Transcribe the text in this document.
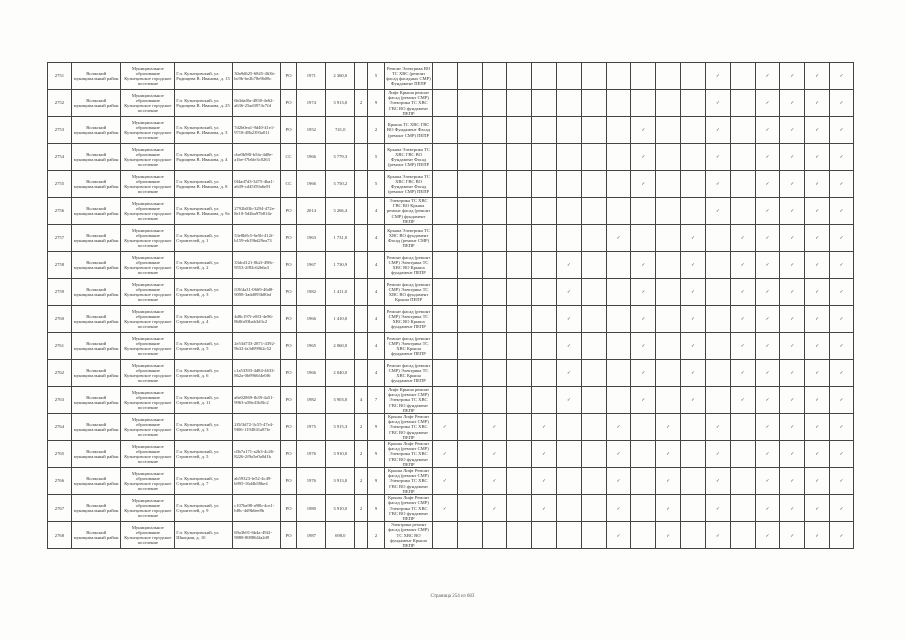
2751	Волжский муниципальный район	Муниципальное образование Кузнецовское городское поселение	Г.п. Кузнецовский, ул. Радищева В. Иванова, д. 15	30a9d625-6845-463b-bc9b-be2b78e9b08c	РО	1971	2 360,0		5	Ремонт Электрика ВО ТС ХВС (ремонт фасад фасадных СМР) Фундамент ПЕПР												✓		✓	✓	✓	✓
2752	Волжский муниципальный район	Муниципальное образование Кузнецовское городское поселение	Г.п. Кузнецовский, ул. Радищева В. Иванова, д. 25	6b3daf0a-4830-4e62-a636-25ad3974c7fd	РО	1974	3 913,0	2	9	Лифт Крыша ремонт фасад (ремонт СМР) Электрика ТС ХВС ГВС ВО фундамент ПЕПР												✓		✓	✓	✓	✓
2753	Волжский муниципальный район	Муниципальное образование Кузнецовское городское поселение	Г.п. Кузнецовский, ул. Радищева В. Иванова, д. 3	7d2b0ea1-9d40-41e1-9718-48b2393a01f	РО	1952	741,0		2	Крыша ТС ХВС ГВС ВО Фундамент Фасад (ремонт СМР) ПЕПР									✓			✓		✓	✓	✓	✓
2754	Волжский муниципальный район	Муниципальное образование Кузнецовское городское поселение	Г.п. Кузнецовский, ул. Радищева В. Иванова, д. 4	cbe0b98f-b5fa-4d8e-a1be-f7b6fe3c0263	СС	1966	3 779,3		5	Крыша Электрика ТС ХВС ГВС ВО Фундамент Фасад (ремонт СМР) ПЕПР									✓			✓		✓	✓	✓	✓
2755	Волжский муниципальный район	Муниципальное образование Кузнецовское городское поселение	Г.п. Кузнецовский, ул. Радищева В. Иванова, д. 8	0f4ad7d3-3475-4ba1-a649-cd45f59a6e91	СС	1966	3 750,2		5	Крыша Электрика ТС ХВС ГВС ВО Фундамент Фасад (ремонт СМР) ПЕПР									✓			✓		✓	✓	✓	✓
2756	Волжский муниципальный район	Муниципальное образование Кузнецовское городское поселение	Г.п. Кузнецовский, ул. Радищева В. Иванова, д. 9а	2792b03b-3294-472e-8e10-5d4ba97b814e	РО	2014	3 266,4		4	Электрика ТС ХВС ГВС ВО Крыша ремонт фасад (ремонт СМР) фундамент ПЕПР												✓		✓	✓	✓	✓
2757	Волжский муниципальный район	Муниципальное образование Кузнецовское городское поселение	Г.п. Кузнецовский, ул. Строителей, д. 1	53e8b8c5-6e5b-412f-b159-eb19bd29ea73	РО	1963	1 731,0		4	Крыша Электрика ТС ХВС ВО фундамент Фасад (ремонт СМР) ПЕПР								✓			✓		✓	✓	✓	✓	✓
2758	Волжский муниципальный район	Муниципальное образование Кузнецовское городское поселение	Г.п. Кузнецовский, ул. Строителей, д. 2	33dcd121-0b2f-498c-9553-2f83c62b6a3	РО	1967	1 730,9		4	Ремонт фасад (ремонт СМР) Электрика ТС ХВС ВО Крыша фундамент ПЕПР						✓			✓		✓		✓	✓	✓	✓	✓
2759	Волжский муниципальный район	Муниципальное образование Кузнецовское городское поселение	Г.п. Кузнецовский, ул. Строителей, д. 3	f19f4a31-0669-46d8-9098-3add093b80af	РО	1982	1 411,0		4	Ремонт фасад (ремонт СМР) Электрика ТС ХВС ВО фундамент Крыша ПЕПР						✓			✓		✓		✓	✓	✓	✓	✓
2760	Волжский муниципальный район	Муниципальное образование Кузнецовское городское поселение	Г.п. Кузнецовский, ул. Строителей, д. 4	4d8c197f-e8f3-4e96-8b8fa93bab3d3c2	РО	1966	1 410,0		4	Ремонт фасад (ремонт СМР) Электрика ТС ХВС ВО Крыша фундамент ПЕПР						✓			✓		✓		✓	✓	✓	✓	✓
2761	Волжский муниципальный район	Муниципальное образование Кузнецовское городское поселение	Г.п. Кузнецовский, ул. Строителей, д. 5	2e53d733-2871-4392-9b32-fa3d09962c52	РО	1965	2 060,0		4	Ремонт фасад (ремонт СМР) Электрика ТС ХВС Крыша фундамент ПЕПР						✓			✓		✓		✓	✓	✓	✓	✓
2762	Волжский муниципальный район	Муниципальное образование Кузнецовское городское поселение	Г.п. Кузнецовский, ул. Строителей, д. 6	c1a53393-4d84-4633-862a-0b9966f4e0f6	РО	1966	2 040,0		4	Ремонт фасад (ремонт СМР) Электрика ТС ХВС Крыша фундамент ПЕПР						✓			✓		✓		✓	✓	✓	✓	✓
2763	Волжский муниципальный район	Муниципальное образование Кузнецовское городское поселение	Г.п. Кузнецовский, ул. Строителей, д. 11	a6e02869-fb39-4a51-9963-a58e41b8fc2	РО	1982	3 903,0	4	7	Лифт Крыша ремонт фасад (ремонт СМР) Электрика ТС ХВС ГВС ВО фундамент ПЕПР						✓			✓		✓		✓	✓	✓	✓	✓
2764	Волжский муниципальный район	Муниципальное образование Кузнецовское городское поселение	Г.п. Кузнецовский, ул. Строителей, д. 3	2f5f3d72-3c55-47e4-9f06-1194841a87fe	РО	1975	3 915,3	2	9	Крыша Лифт Ремонт фасад (ремонт СМР) Электрика ТС ХВС ГВС ВО фундамент ПЕПР	✓		✓		✓			✓		✓		✓		✓	✓	✓	✓
2765	Волжский муниципальный район	Муниципальное образование Кузнецовское городское поселение	Г.п. Кузнецовский, ул. Строителей, д. 5	c0b7a171-a2b3-4c26-8226-2f9a5e0a0d1b	РО	1976	3 910,0	2	9	Крыша Лифт Ремонт фасад (ремонт СМР) Электрика ТС ХВС ГВС ВО фундамент ПЕПР	✓		✓		✓			✓		✓		✓		✓	✓	✓	✓
2766	Волжский муниципальный район	Муниципальное образование Кузнецовское городское поселение	Г.п. Кузнецовский, ул. Строителей, д. 7	ab59323-fe52-4c49-b995-16d4b58be4	РО	1976	3 913,0	2	9	Крыша Лифт Ремонт фасад (ремонт СМР) Электрика ТС ХВС ГВС ВО фундамент ПЕПР	✓		✓		✓			✓		✓		✓		✓	✓	✓	✓
2767	Волжский муниципальный район	Муниципальное образование Кузнецовское городское поселение	Г.п. Кузнецовский, ул. Строителей, д. 9	c107ba98-a90b-4ce1-bf8c-4d9b6ee8b	РО	1980	3 910,0	2	9	Крыша Лифт Ремонт фасад (ремонт СМР) Электрика ТС ХВС ГВС ВО фундамент ПЕПР	✓		✓		✓			✓		✓		✓		✓	✓	✓	✓
2768	Волжский муниципальный район	Муниципальное образование Кузнецовское городское поселение	Г.п. Кузнецовский, ул. Шкоцкая, д. 10	69a3b91-6b4a-49f2-9888-808864fa2d9	РО	1987	698,0		2	Электрика ремонт фасад (ремонт СМР) ТС ХВС ВО фундамент Крыша ПЕПР								✓		✓		✓		✓	✓	✓	✓
Страница 254 из 683
